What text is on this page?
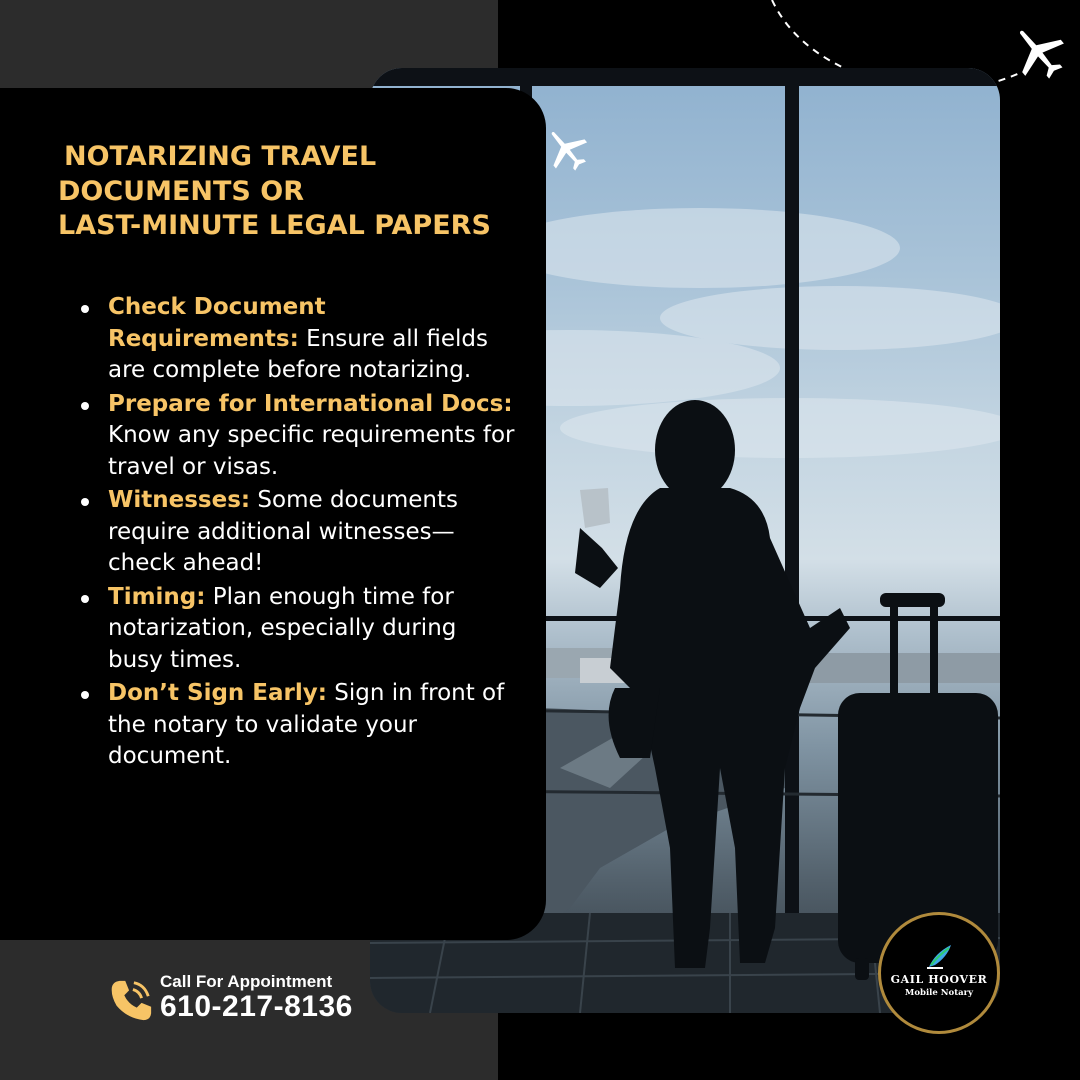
NOTARIZING TRAVEL
DOCUMENTS OR
LAST-MINUTE LEGAL PAPERS
Check Document Requirements: Ensure all fields are complete before notarizing.
Prepare for International Docs: Know any specific requirements for travel or visas.
Witnesses: Some documents require additional witnesses—check ahead!
Timing: Plan enough time for notarization, especially during busy times.
Don’t Sign Early: Sign in front of the notary to validate your document.
Call For Appointment
610-217-8136
GAIL HOOVER
Mobile Notary
